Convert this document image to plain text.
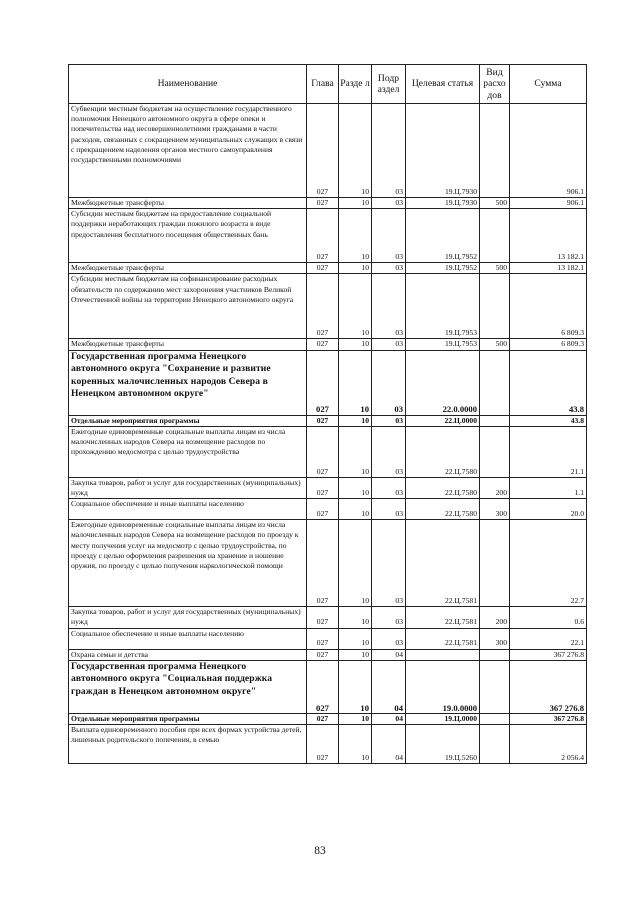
Наименование	Глава	Разде л	Подр аздел	Целевая статья	Вид расхо дов	Сумма
Субвенции местным бюджетам на осуществление государственного полномочия Ненецкого автономного округа в сфере опеки и попечительства над несовершеннолетними гражданами в части расходов, связанных с сокращением муниципальных служащих в связи с прекращением наделения органов местного самоуправления государственными полномочиями	027	10	03	19.Ц.7930		906.1
Межбюджетные трансферты	027	10	03	19.Ц.7930	500	906.1
Субсидии местным бюджетам на предоставление социальной поддержки неработающих граждан пожилого возраста в виде предоставления бесплатного посещения общественных бань	027	10	03	19.Ц.7952		13 182.1
Межбюджетные трансферты	027	10	03	19.Ц.7952	500	13 182.1
Субсидии местным бюджетам на софинансирование расходных обязательств по содержанию мест захоронения участников Великой Отечественной войны на территории Ненецкого автономного округа	027	10	03	19.Ц.7953		6 809.3
Межбюджетные трансферты	027	10	03	19.Ц.7953	500	6 809.3
Государственная программа Ненецкого автономного округа "Сохранение и развитие коренных малочисленных народов Севера в Ненецком автономном округе"	027	10	03	22.0.0000		43.8
Отдельные мероприятия программы	027	10	03	22.Ц.0000		43.8
Ежегодные единовременные социальные выплаты лицам из числа малочисленных народов Севера на возмещение расходов по прохождению медосмотра с целью трудоустройства	027	10	03	22.Ц.7580		21.1
Закупка товаров, работ и услуг для государственных (муниципальных) нужд	027	10	03	22.Ц.7580	200	1.1
Социальное обеспечение и иные выплаты населению	027	10	03	22.Ц.7580	300	20.0
Ежегодные единовременные социальные выплаты лицам из числа малочисленных народов Севера на возмещение расходов по проезду к месту получения услуг на медосмотр с целью трудоустройства, по проезду с целью оформления разрешения на хранение и ношение оружия, по проезду с целью получения наркологической помощи	027	10	03	22.Ц.7581		22.7
Закупка товаров, работ и услуг для государственных (муниципальных) нужд	027	10	03	22.Ц.7581	200	0.6
Социальное обеспечение и иные выплаты населению	027	10	03	22.Ц.7581	300	22.1
Охрана семьи и детства	027	10	04			367 276.8
Государственная программа Ненецкого автономного округа "Социальная поддержка граждан в Ненецком автономном округе"	027	10	04	19.0.0000		367 276.8
Отдельные мероприятия программы	027	10	04	19.Ц.0000		367 276.8
Выплата единовременного пособия при всех формах устройства детей, лишенных родительского попечения, в семью	027	10	04	19.Ц.5260		2 056.4
83
